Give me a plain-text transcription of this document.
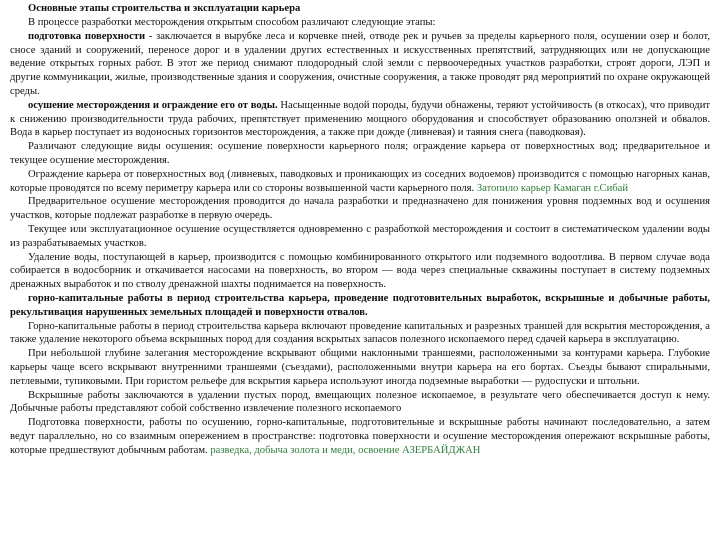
Основные этапы строительства и эксплуатации карьера

В процессе разработки месторождения открытым способом различают следующие этапы:

подготовка поверхности - заключается в вырубке леса и корчевке пней, отводе рек и ручьев за пределы карьерного поля, осушении озер и болот, сносе зданий и сооружений, переносе дорог и в удалении других естественных и искусственных препятствий, затрудняющих или не допускающие ведение открытых горных работ. В этот же период снимают плодородный слой земли с первоочередных участков разработки, строят дороги, ЛЭП и другие коммуникации, жилые, производственные здания и сооружения, очистные сооружения, а также проводят ряд мероприятий по охране окружающей среды.

осушение месторождения и ограждение его от воды. Насыщенные водой породы, будучи обнажены, теряют устойчивость (в откосах), что приводит к снижению производительности труда рабочих, препятствует применению мощного оборудования и способствует образованию оползней и обвалов. Вода в карьер поступает из водоносных горизонтов месторождения, а также при дожде (ливневая) и таяния снега (паводковая).

Различают следующие виды осушения: осушение поверхности карьерного поля; ограждение карьера от поверхностных вод; предварительное и текущее осушение месторождения.

Ограждение карьера от поверхностных вод (ливневых, паводковых и проникающих из соседних водоемов) производится с помощью нагорных канав, которые проводятся по всему периметру карьера или со стороны возвышенной части карьерного поля. Затопило карьер Камаган г.Сибай

Предварительное осушение месторождения проводится до начала разработки и предназначено для понижения уровня подземных вод и осушения участков, которые подлежат разработке в первую очередь.

Текущее или эксплуатационное осушение осуществляется одновременно с разработкой месторождения и состоит в систематическом удалении воды из разрабатываемых участков.

Удаление воды, поступающей в карьер, производится с помощью комбинированного открытого или подземного водоотлива. В первом случае вода собирается в водосборник и откачивается насосами на поверхность, во втором — вода через специальные скважины поступает в систему подземных дренажных выработок и по стволу дренажной шахты поднимается на поверхность.

горно-капитальные работы в период строительства карьера, проведение подготовительных выработок, вскрышные и добычные работы, рекультивация нарушенных земельных площадей и поверхности отвалов.

Горно-капитальные работы в период строительства карьера включают проведение капитальных и разрезных траншей для вскрытия месторождения, а также удаление некоторого объема вскрышных пород для создания вскрытых запасов полезного ископаемого перед сдачей карьера в эксплуатацию.

При небольшой глубине залегания месторождение вскрывают общими наклонными траншеями, расположенными за контурами карьера. Глубокие карьеры чаще всего вскрывают внутренними траншеями (съездами), расположенными внутри карьера на его бортах. Съезды бывают спиральными, петлевыми, тупиковыми. При гористом рельефе для вскрытия карьера используют иногда подземные выработки — рудоспуски и штольни.

Вскрышные работы заключаются в удалении пустых пород, вмещающих полезное ископаемое, в результате чего обеспечивается доступ к нему. Добычные работы представляют собой собственно извлечение полезного ископаемого

Подготовка поверхности, работы по осушению, горно-капитальные, подготовительные и вскрышные работы начинают последовательно, а затем ведут параллельно, но со взаимным опережением в пространстве: подготовка поверхности и осушение месторождения опережают вскрышные работы, которые предшествуют добычным работам. разведка, добыча золота и меди, освоение АЗЕРБАЙДЖАН
